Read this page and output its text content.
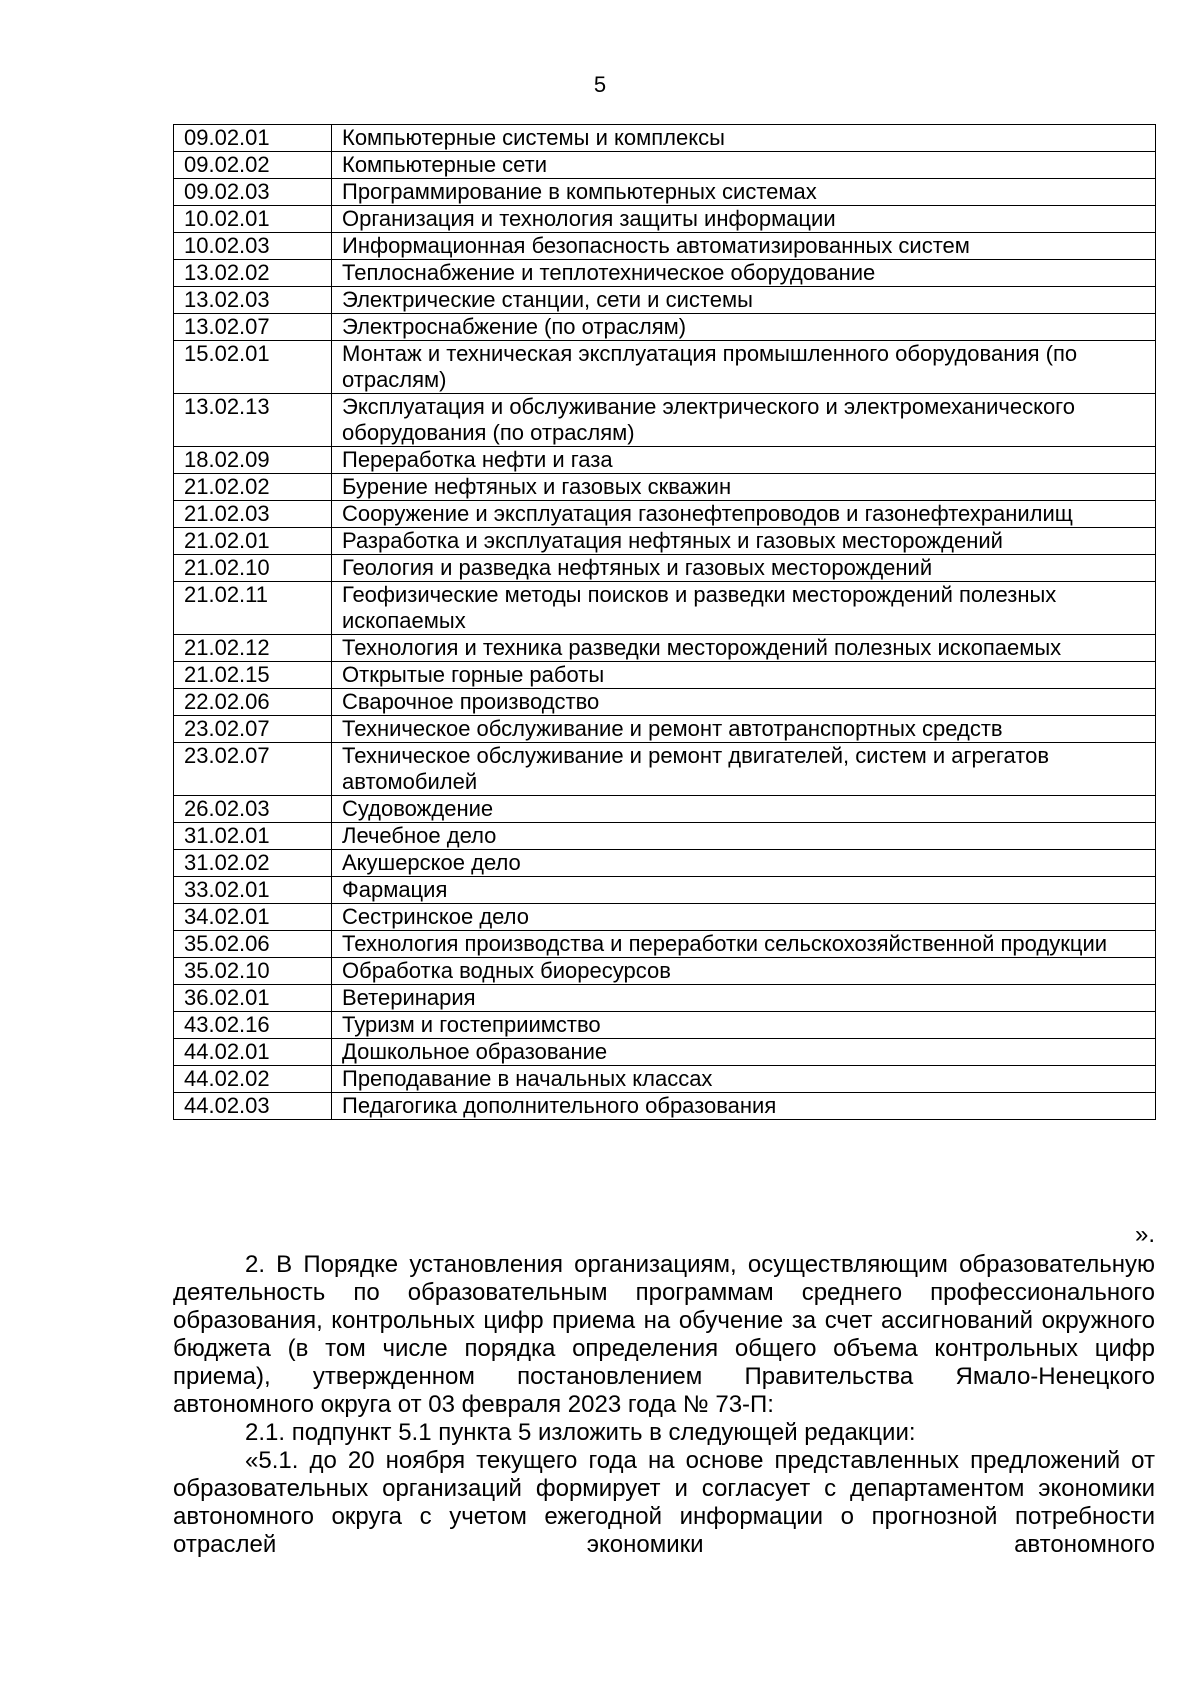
5
09.02.01	Компьютерные системы и комплексы
09.02.02	Компьютерные сети
09.02.03	Программирование в компьютерных системах
10.02.01	Организация и технология защиты информации
10.02.03	Информационная безопасность автоматизированных систем
13.02.02	Теплоснабжение и теплотехническое оборудование
13.02.03	Электрические станции, сети и системы
13.02.07	Электроснабжение (по отраслям)
15.02.01	Монтаж и техническая эксплуатация промышленного оборудования (по отраслям)
13.02.13	Эксплуатация и обслуживание электрического и электромеханического оборудования (по отраслям)
18.02.09	Переработка нефти и газа
21.02.02	Бурение нефтяных и газовых скважин
21.02.03	Сооружение и эксплуатация газонефтепроводов и газонефтехранилищ
21.02.01	Разработка и эксплуатация нефтяных и газовых месторождений
21.02.10	Геология и разведка нефтяных и газовых месторождений
21.02.11	Геофизические методы поисков и разведки месторождений полезных ископаемых
21.02.12	Технология и техника разведки месторождений полезных ископаемых
21.02.15	Открытые горные работы
22.02.06	Сварочное производство
23.02.07	Техническое обслуживание и ремонт автотранспортных средств
23.02.07	Техническое обслуживание и ремонт двигателей, систем и агрегатов автомобилей
26.02.03	Судовождение
31.02.01	Лечебное дело
31.02.02	Акушерское дело
33.02.01	Фармация
34.02.01	Сестринское дело
35.02.06	Технология производства и переработки сельскохозяйственной продукции
35.02.10	Обработка водных биоресурсов
36.02.01	Ветеринария
43.02.16	Туризм и гостеприимство
44.02.01	Дошкольное образование
44.02.02	Преподавание в начальных классах
44.02.03	Педагогика дополнительного образования
».

2. В Порядке установления организациям, осуществляющим образовательную деятельность по образовательным программам среднего профессионального образования, контрольных цифр приема на обучение за счет ассигнований окружного бюджета (в том числе порядка определения общего объема контрольных цифр приема), утвержденном постановлением Правительства Ямало-Ненецкого автономного округа от 03 февраля 2023 года № 73-П:

2.1. подпункт 5.1 пункта 5 изложить в следующей редакции:

«5.1. до 20 ноября текущего года на основе представленных предложений от образовательных организаций формирует и согласует с департаментом экономики автономного округа с учетом ежегодной информации о прогнозной потребности отраслей экономики автономного
